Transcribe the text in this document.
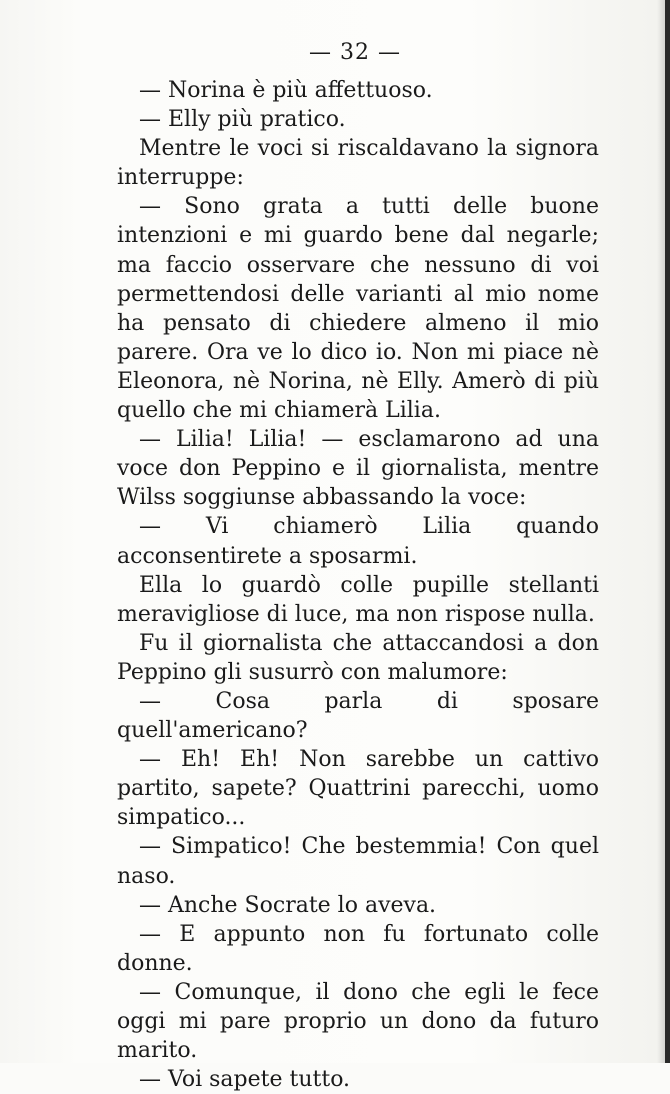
— 32 —

— Norina è più affettuoso.

— Elly più pratico.

Mentre le voci si riscaldavano la signora interruppe:

— Sono grata a tutti delle buone intenzioni e mi guardo bene dal negarle; ma faccio osservare che nessuno di voi permettendosi delle varianti al mio nome ha pensato di chiedere almeno il mio parere. Ora ve lo dico io. Non mi piace nè Eleonora, nè Norina, nè Elly. Amerò di più quello che mi chiamerà Lilia.

— Lilia! Lilia! — esclamarono ad una voce don Peppino e il giornalista, mentre Wilss soggiunse abbassando la voce:

— Vi chiamerò Lilia quando acconsentirete a sposarmi.

Ella lo guardò colle pupille stellanti meravigliose di luce, ma non rispose nulla.

Fu il giornalista che attaccandosi a don Peppino gli susurrò con malumore:

— Cosa parla di sposare quell'americano?

— Eh! Eh! Non sarebbe un cattivo partito, sapete? Quattrini parecchi, uomo simpatico...

— Simpatico! Che bestemmia! Con quel naso.

— Anche Socrate lo aveva.

— E appunto non fu fortunato colle donne.

— Comunque, il dono che egli le fece oggi mi pare proprio un dono da futuro marito.

— Voi sapete tutto.
